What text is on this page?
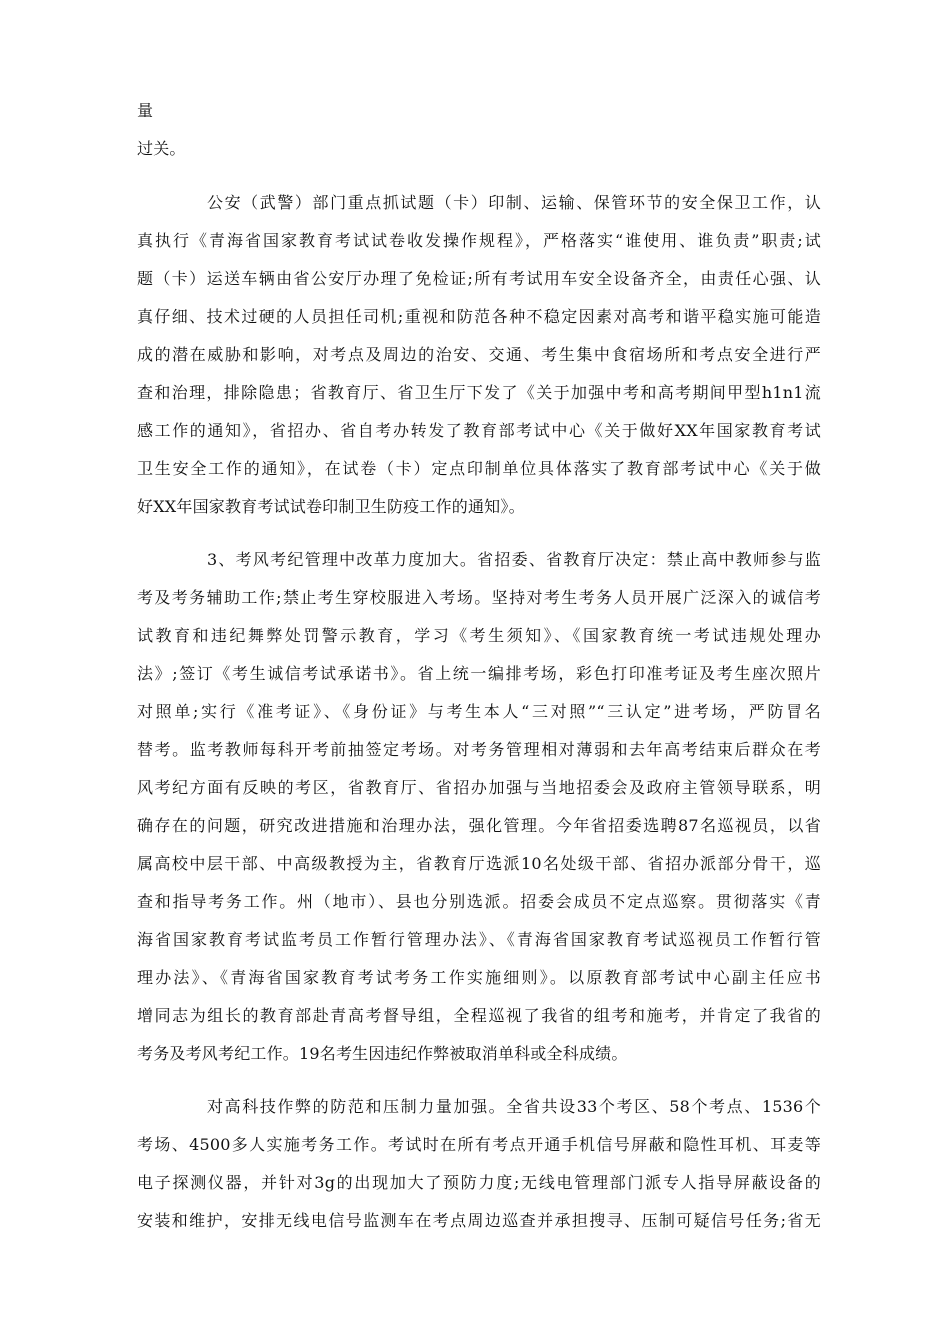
量
过关。
公安（武警）部门重点抓试题（卡）印制、运输、保管环节的安全保卫工作，认
真执行《青海省国家教育考试试卷收发操作规程》，严格落实“谁使用、谁负责”职责;试
题（卡）运送车辆由省公安厅办理了免检证;所有考试用车安全设备齐全，由责任心强、认
真仔细、技术过硬的人员担任司机;重视和防范各种不稳定因素对高考和谐平稳实施可能造
成的潜在威胁和影响，对考点及周边的治安、交通、考生集中食宿场所和考点安全进行严
查和治理，排除隐患；省教育厅、省卫生厅下发了《关于加强中考和高考期间甲型h1n1流
感工作的通知》，省招办、省自考办转发了教育部考试中心《关于做好XX年国家教育考试
卫生安全工作的通知》，在试卷（卡）定点印制单位具体落实了教育部考试中心《关于做
好XX年国家教育考试试卷印制卫生防疫工作的通知》。
3、考风考纪管理中改革力度加大。省招委、省教育厅决定：禁止高中教师参与监
考及考务辅助工作;禁止考生穿校服进入考场。坚持对考生考务人员开展广泛深入的诚信考
试教育和违纪舞弊处罚警示教育，学习《考生须知》、《国家教育统一考试违规处理办
法》;签订《考生诚信考试承诺书》。省上统一编排考场，彩色打印准考证及考生座次照片
对照单;实行《准考证》、《身份证》与考生本人“三对照”“三认定”进考场，严防冒名
替考。监考教师每科开考前抽签定考场。对考务管理相对薄弱和去年高考结束后群众在考
风考纪方面有反映的考区，省教育厅、省招办加强与当地招委会及政府主管领导联系，明
确存在的问题，研究改进措施和治理办法，强化管理。今年省招委选聘87名巡视员，以省
属高校中层干部、中高级教授为主，省教育厅选派10名处级干部、省招办派部分骨干，巡
查和指导考务工作。州（地市）、县也分别选派。招委会成员不定点巡察。贯彻落实《青
海省国家教育考试监考员工作暂行管理办法》、《青海省国家教育考试巡视员工作暂行管
理办法》、《青海省国家教育考试考务工作实施细则》。以原教育部考试中心副主任应书
增同志为组长的教育部赴青高考督导组，全程巡视了我省的组考和施考，并肯定了我省的
考务及考风考纪工作。19名考生因违纪作弊被取消单科或全科成绩。
对高科技作弊的防范和压制力量加强。全省共设33个考区、58个考点、1536个
考场、4500多人实施考务工作。考试时在所有考点开通手机信号屏蔽和隐性耳机、耳麦等
电子探测仪器，并针对3g的出现加大了预防力度;无线电管理部门派专人指导屏蔽设备的
安装和维护，安排无线电信号监测车在考点周边巡查并承担搜寻、压制可疑信号任务;省无
